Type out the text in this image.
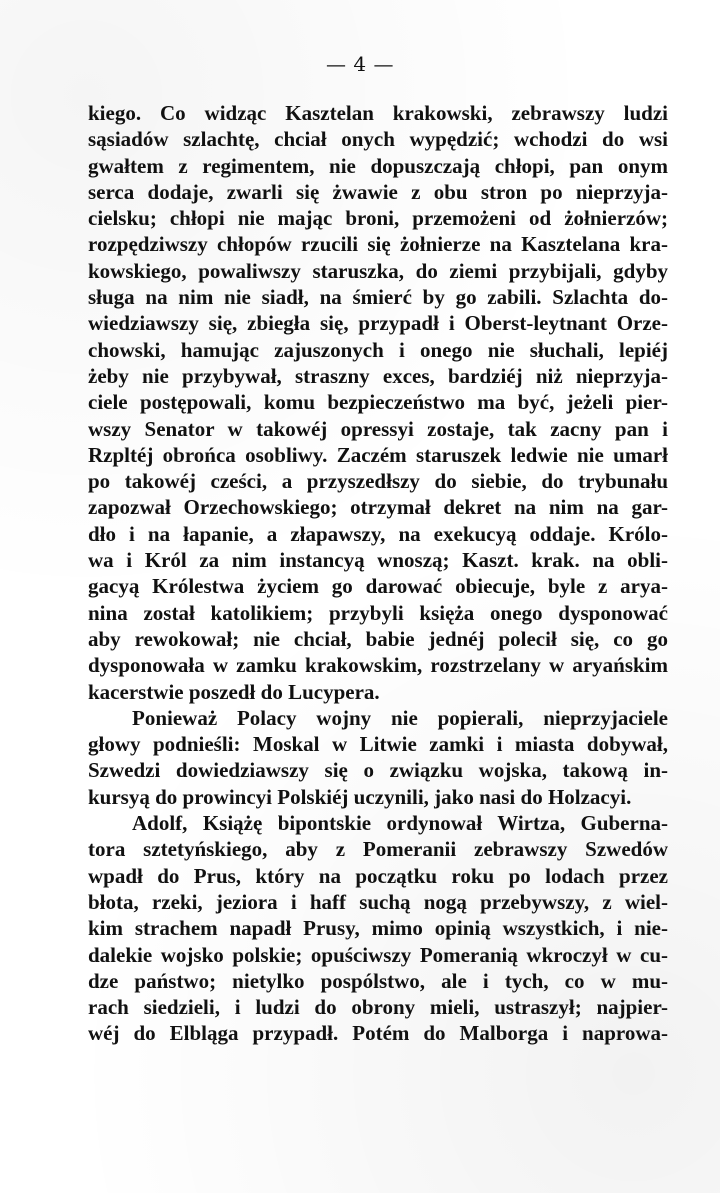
— 4 —
kiego. Co widząc Kasztelan krakowski, zebrawszy ludzi
sąsiadów szlachtę, chciał onych wypędzić; wchodzi do wsi
gwałtem z regimentem, nie dopuszczają chłopi, pan onym
serca dodaje, zwarli się żwawie z obu stron po nieprzyja-
cielsku; chłopi nie mając broni, przemożeni od żołnierzów;
rozpędziwszy chłopów rzucili się żołnierze na Kasztelana kra-
kowskiego, powaliwszy staruszka, do ziemi przybijali, gdyby
sługa na nim nie siadł, na śmierć by go zabili. Szlachta do-
wiedziawszy się, zbiegła się, przypadł i Oberst-leytnant Orze-
chowski, hamując zajuszonych i onego nie słuchali, lepiéj
żeby nie przybywał, straszny exces, bardziéj niż nieprzyja-
ciele postępowali, komu bezpieczeństwo ma być, jeżeli pier-
wszy Senator w takowéj opressyi zostaje, tak zacny pan i
Rzpltéj obrońca osobliwy. Zaczém staruszek ledwie nie umarł
po takowéj cześci, a przyszedłszy do siebie, do trybunału
zapozwał Orzechowskiego; otrzymał dekret na nim na gar-
dło i na łapanie, a złapawszy, na exekucyą oddaje. Królo-
wa i Król za nim instancyą wnoszą; Kaszt. krak. na obli-
gacyą Królestwa życiem go darować obiecuje, byle z arya-
nina został katolikiem; przybyli księża onego dysponować
aby rewokował; nie chciał, babie jednéj polecił się, co go
dysponowała w zamku krakowskim, rozstrzelany w aryańskim
kacerstwie poszedł do Lucypera.
Ponieważ Polacy wojny nie popierali, nieprzyjaciele
głowy podnieśli: Moskal w Litwie zamki i miasta dobywał,
Szwedzi dowiedziawszy się o związku wojska, takową in-
kursyą do prowincyi Polskiéj uczynili, jako nasi do Holzacyi.
Adolf, Książę bipontskie ordynował Wirtza, Guberna-
tora sztetyńskiego, aby z Pomeranii zebrawszy Szwedów
wpadł do Prus, który na początku roku po lodach przez
błota, rzeki, jeziora i haff suchą nogą przebywszy, z wiel-
kim strachem napadł Prusy, mimo opinią wszystkich, i nie-
dalekie wojsko polskie; opuściwszy Pomeranią wkroczył w cu-
dze państwo; nietylko pospólstwo, ale i tych, co w mu-
rach siedzieli, i ludzi do obrony mieli, ustraszył; najpier-
wéj do Elbląga przypadł. Potém do Malborga i naprowa-
